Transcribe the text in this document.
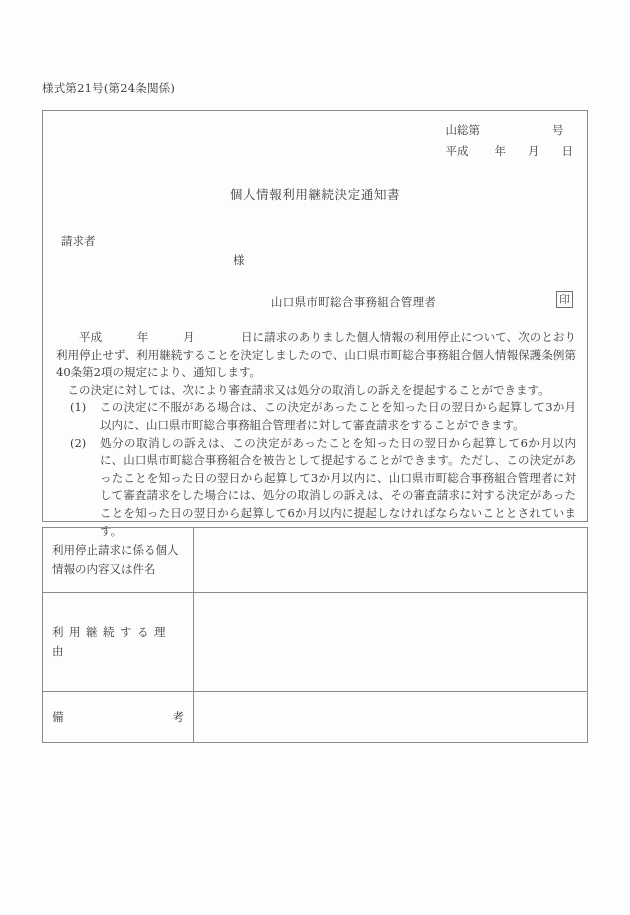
様式第21号(第24条関係)
山総第	号
平成 年 月 日
個人情報利用継続決定通知書
請求者
様
山口県市町総合事務組合管理者	印

平成　　　年　　　月　　　　日に請求のありました個人情報の利用停止について、次のとおり利用停止せず、利用継続することを決定しましたので、山口県市町総合事務組合個人情報保護条例第40条第2項の規定により、通知します。

この決定に対しては、次により審査請求又は処分の取消しの訴えを提起することができます。

(1)	この決定に不服がある場合は、この決定があったことを知った日の翌日から起算して3か月以内に、山口県市町総合事務組合管理者に対して審査請求をすることができます。
(2)	処分の取消しの訴えは、この決定があったことを知った日の翌日から起算して6か月以内に、山口県市町総合事務組合を被告として提起することができます。ただし、この決定があったことを知った日の翌日から起算して3か月以内に、山口県市町総合事務組合管理者に対して審査請求をした場合には、処分の取消しの訴えは、その審査請求に対する決定があったことを知った日の翌日から起算して6か月以内に提起しなければならないこととされています。
利用停止請求に係る個人情報の内容又は件名	
利用継続する理由	

備 考	
